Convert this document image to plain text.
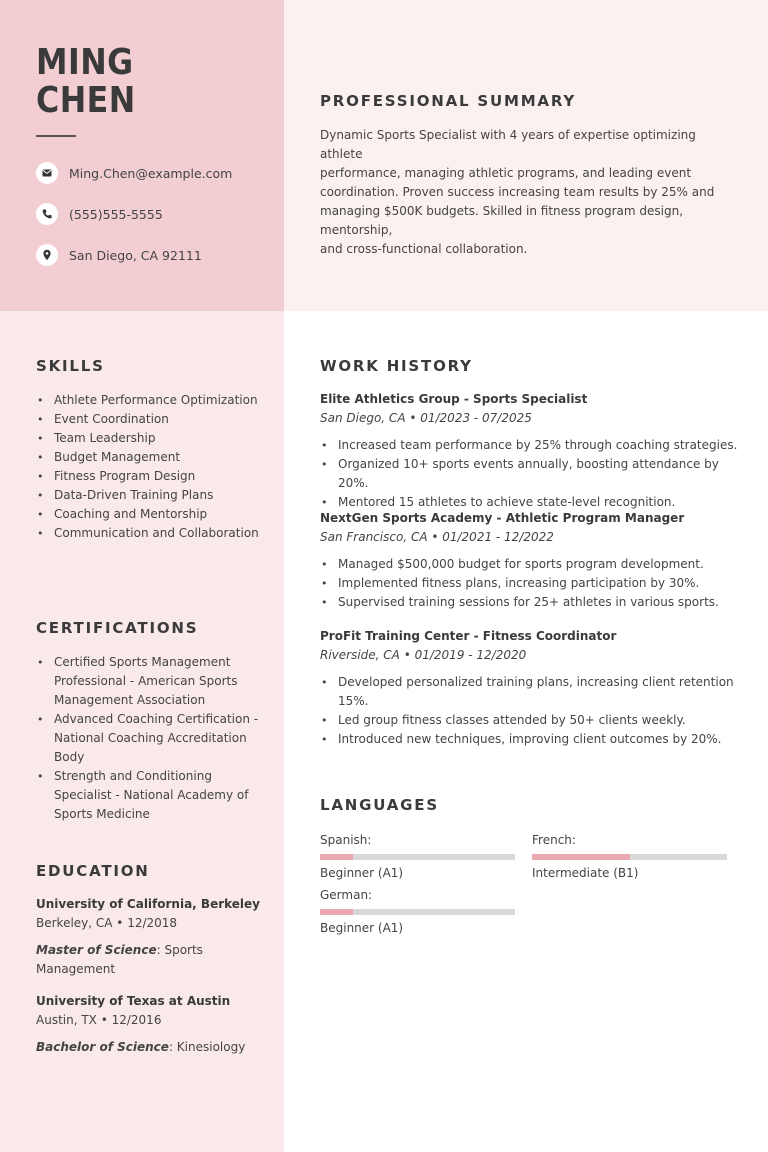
MING
CHEN
Ming.Chen@example.com
(555)555-5555
San Diego, CA 92111
PROFESSIONAL SUMMARY
Dynamic Sports Specialist with 4 years of expertise optimizing athlete
performance, managing athletic programs, and leading event
coordination. Proven success increasing team results by 25% and
managing $500K budgets. Skilled in fitness program design, mentorship,
and cross-functional collaboration.
SKILLS
• Athlete Performance Optimization
• Event Coordination
• Team Leadership
• Budget Management
• Fitness Program Design
• Data-Driven Training Plans
• Coaching and Mentorship
• Communication and Collaboration
CERTIFICATIONS
• Certified Sports Management Professional - American Sports Management Association
• Advanced Coaching Certification - National Coaching Accreditation Body
• Strength and Conditioning Specialist - National Academy of Sports Medicine
EDUCATION
University of California, Berkeley
Berkeley, CA • 12/2018
Master of Science: Sports Management
University of Texas at Austin
Austin, TX • 12/2016
Bachelor of Science: Kinesiology
WORK HISTORY
Elite Athletics Group - Sports Specialist
San Diego, CA • 01/2023 - 07/2025
• Increased team performance by 25% through coaching strategies.
• Organized 10+ sports events annually, boosting attendance by 20%.
• Mentored 15 athletes to achieve state-level recognition.
NextGen Sports Academy - Athletic Program Manager
San Francisco, CA • 01/2021 - 12/2022
• Managed $500,000 budget for sports program development.
• Implemented fitness plans, increasing participation by 30%.
• Supervised training sessions for 25+ athletes in various sports.
ProFit Training Center - Fitness Coordinator
Riverside, CA • 01/2019 - 12/2020
• Developed personalized training plans, increasing client retention 15%.
• Led group fitness classes attended by 50+ clients weekly.
• Introduced new techniques, improving client outcomes by 20%.
LANGUAGES
Spanish:
Beginner (A1)
French:
Intermediate (B1)
German:
Beginner (A1)
